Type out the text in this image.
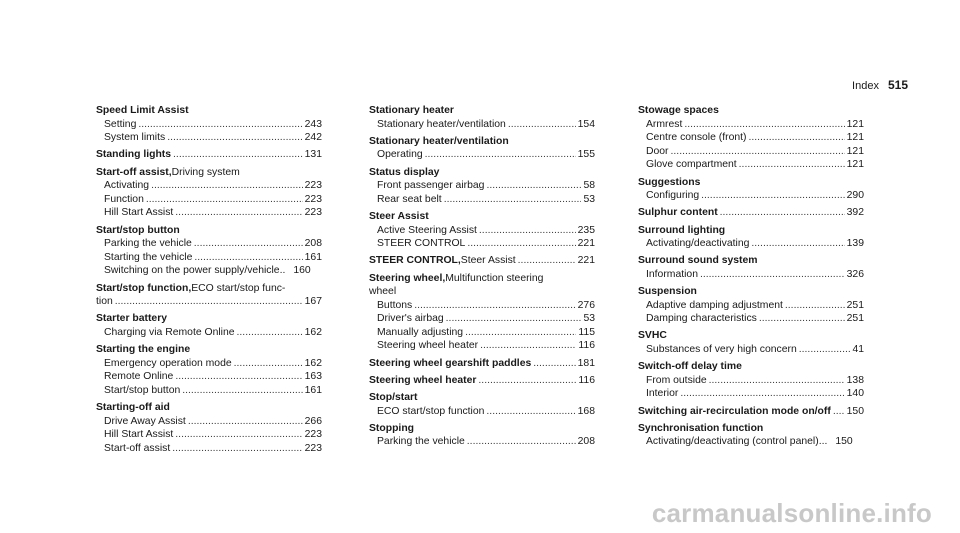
Index 515
Speed Limit Assist
Setting .....	243
System limits .....	242
Standing lights .....	131
Start-off assist, Driving system
Activating .....	223
Function .....	223
Hill Start Assist .....	223
Start/stop button
Parking the vehicle .....	208
Starting the vehicle .....	161
Switching on the power supply/vehicle.. 160
Start/stop function, ECO start/stop func-
tion .....	167
Starter battery
Charging via Remote Online .....	162
Starting the engine
Emergency operation mode .....	162
Remote Online .....	163
Start/stop button .....	161
Starting-off aid
Drive Away Assist .....	266
Hill Start Assist .....	223
Start-off assist .....	223
Stationary heater
Stationary heater/ventilation .....	154
Stationary heater/ventilation
Operating .....	155
Status display
Front passenger airbag .....	58
Rear seat belt .....	53
Steer Assist
Active Steering Assist .....	235
STEER CONTROL .....	221
STEER CONTROL, Steer Assist .....	221
Steering wheel, Multifunction steering
wheel
Buttons .....	276
Driver's airbag .....	53
Manually adjusting .....	115
Steering wheel heater .....	116
Steering wheel gearshift paddles .....	181
Steering wheel heater .....	116
Stop/start
ECO start/stop function .....	168
Stopping
Parking the vehicle .....	208
Stowage spaces
Armrest .....	121
Centre console (front) .....	121
Door .....	121
Glove compartment .....	121
Suggestions
Configuring .....	290
Sulphur content .....	392
Surround lighting
Activating/deactivating .....	139
Surround sound system
Information .....	326
Suspension
Adaptive damping adjustment .....	251
Damping characteristics .....	251
SVHC
Substances of very high concern .....	41
Switch-off delay time
From outside .....	138
Interior .....	140
Switching air-recirculation mode on/off ..... 150
Synchronisation function
Activating/deactivating (control panel)... 150
carmanualsonline.info
